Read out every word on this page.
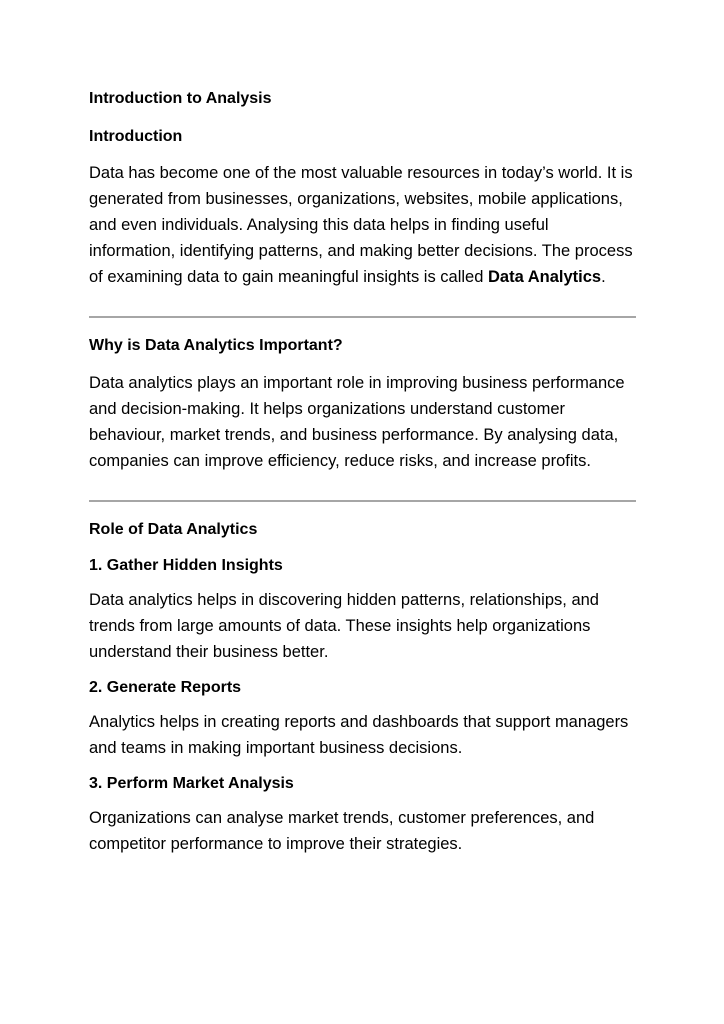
Introduction to Analysis

Introduction

Data has become one of the most valuable resources in today’s world. It is generated from businesses, organizations, websites, mobile applications, and even individuals. Analysing this data helps in finding useful information, identifying patterns, and making better decisions. The process of examining data to gain meaningful insights is called Data Analytics.

Why is Data Analytics Important?

Data analytics plays an important role in improving business performance and decision-making. It helps organizations understand customer behaviour, market trends, and business performance. By analysing data, companies can improve efficiency, reduce risks, and increase profits.

Role of Data Analytics

1. Gather Hidden Insights

Data analytics helps in discovering hidden patterns, relationships, and trends from large amounts of data. These insights help organizations understand their business better.

2. Generate Reports

Analytics helps in creating reports and dashboards that support managers and teams in making important business decisions.

3. Perform Market Analysis

Organizations can analyse market trends, customer preferences, and competitor performance to improve their strategies.
